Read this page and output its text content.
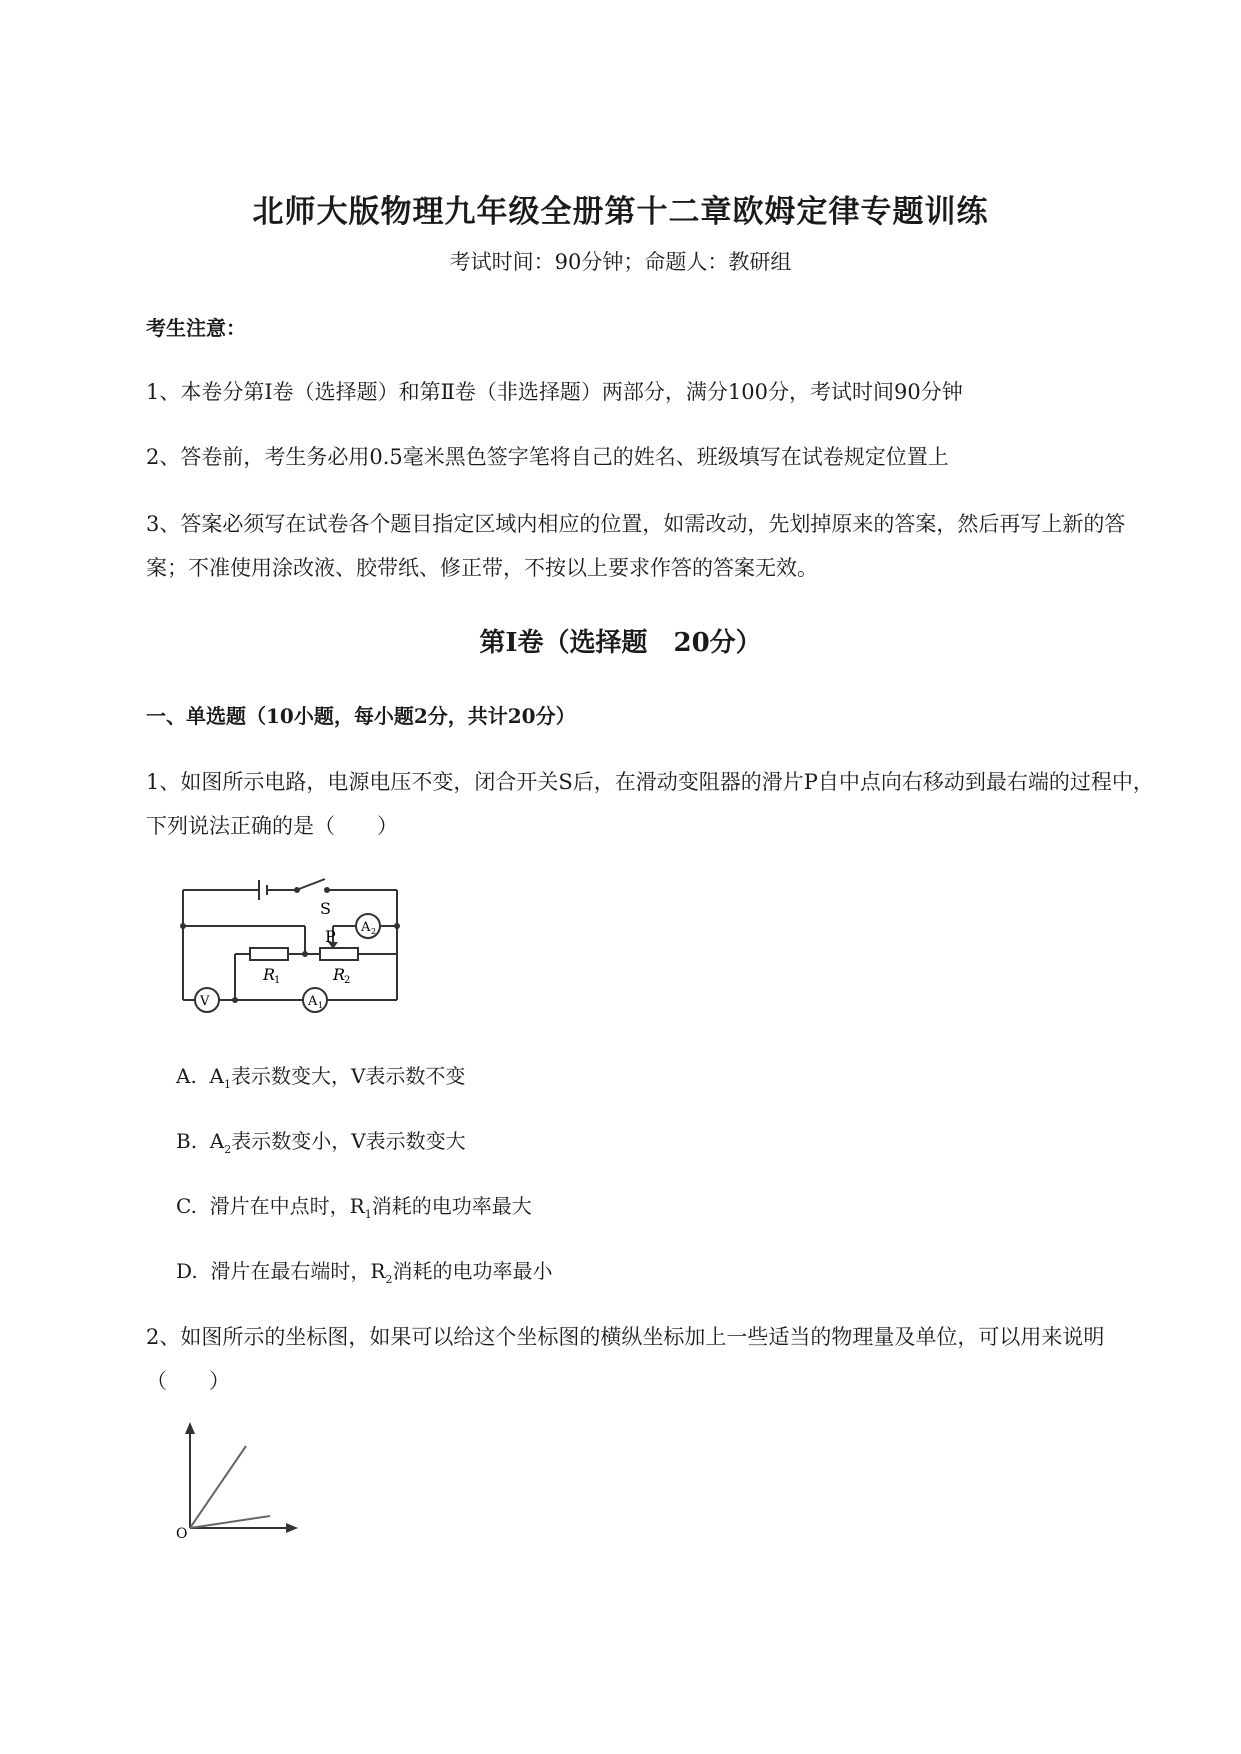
北师大版物理九年级全册第十二章欧姆定律专题训练
考试时间：90分钟；命题人：教研组
考生注意：
1、本卷分第Ⅰ卷（选择题）和第Ⅱ卷（非选择题）两部分，满分100分，考试时间90分钟
2、答卷前，考生务必用0.5毫米黑色签字笔将自己的姓名、班级填写在试卷规定位置上
3、答案必须写在试卷各个题目指定区域内相应的位置，如需改动，先划掉原来的答案，然后再写上新的答案；不准使用涂改液、胶带纸、修正带，不按以上要求作答的答案无效。
第Ⅰ卷（选择题　20分）
一、单选题（10小题，每小题2分，共计20分）
1、如图所示电路，电源电压不变，闭合开关S后，在滑动变阻器的滑片P自中点向右移动到最右端的过程中，下列说法正确的是（　　）
S
P A 2
V	A 1
R
1	R
2
A. $A_1$表示数变大，V表示数不变
B. $A_2$表示数变小，V表示数变大
C. 滑片在中点时，$R_1$消耗的电功率最大
D. 滑片在最右端时，$R_2$消耗的电功率最小
2、如图所示的坐标图，如果可以给这个坐标图的横纵坐标加上一些适当的物理量及单位，可以用来说明（　　）
O
